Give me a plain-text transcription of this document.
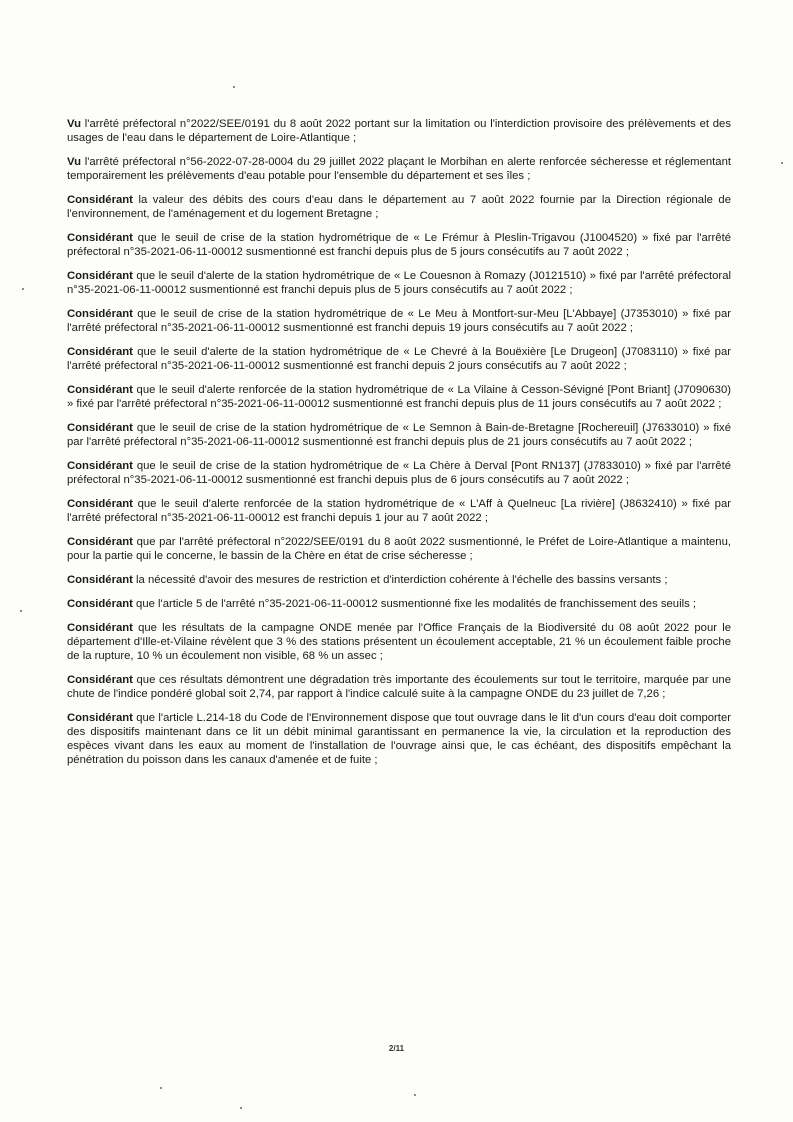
Vu l'arrêté préfectoral n°2022/SEE/0191 du 8 août 2022 portant sur la limitation ou l'interdiction provisoire des prélèvements et des usages de l'eau dans le département de Loire-Atlantique ;

Vu l'arrêté préfectoral n°56-2022-07-28-0004 du 29 juillet 2022 plaçant le Morbihan en alerte renforcée sécheresse et réglementant temporairement les prélèvements d'eau potable pour l'ensemble du département et ses îles ;

Considérant la valeur des débits des cours d'eau dans le département au 7 août 2022 fournie par la Direction régionale de l'environnement, de l'aménagement et du logement Bretagne ;

Considérant que le seuil de crise de la station hydrométrique de « Le Frémur à Pleslin-Trigavou (J1004520) » fixé par l'arrêté préfectoral n°35-2021-06-11-00012 susmentionné est franchi depuis plus de 5 jours consécutifs au 7 août 2022 ;

Considérant que le seuil d'alerte de la station hydrométrique de « Le Couesnon à Romazy (J0121510) » fixé par l'arrêté préfectoral n°35-2021-06-11-00012 susmentionné est franchi depuis plus de 5 jours consécutifs au 7 août 2022 ;

Considérant que le seuil de crise de la station hydrométrique de « Le Meu à Montfort-sur-Meu [L'Abbaye] (J7353010) » fixé par l'arrêté préfectoral n°35-2021-06-11-00012 susmentionné est franchi depuis 19 jours consécutifs au 7 août 2022 ;

Considérant que le seuil d'alerte de la station hydrométrique de « Le Chevré à la Bouëxière [Le Drugeon] (J7083110) » fixé par l'arrêté préfectoral n°35-2021-06-11-00012 susmentionné est franchi depuis 2 jours consécutifs au 7 août 2022 ;

Considérant que le seuil d'alerte renforcée de la station hydrométrique de « La Vilaine à Cesson-Sévigné [Pont Briant] (J7090630) » fixé par l'arrêté préfectoral n°35-2021-06-11-00012 susmentionné est franchi depuis plus de 11 jours consécutifs au 7 août 2022 ;

Considérant que le seuil de crise de la station hydrométrique de « Le Semnon à Bain-de-Bretagne [Rochereuil] (J7633010) » fixé par l'arrêté préfectoral n°35-2021-06-11-00012 susmentionné est franchi depuis plus de 21 jours consécutifs au 7 août 2022 ;

Considérant que le seuil de crise de la station hydrométrique de « La Chère à Derval [Pont RN137] (J7833010) » fixé par l'arrêté préfectoral n°35-2021-06-11-00012 susmentionné est franchi depuis plus de 6 jours consécutifs au 7 août 2022 ;

Considérant que le seuil d'alerte renforcée de la station hydrométrique de « L'Aff à Quelneuc [La rivière] (J8632410) » fixé par l'arrêté préfectoral n°35-2021-06-11-00012 est franchi depuis 1 jour au 7 août 2022 ;

Considérant que par l'arrêté préfectoral n°2022/SEE/0191 du 8 août 2022 susmentionné, le Préfet de Loire-Atlantique a maintenu, pour la partie qui le concerne, le bassin de la Chère en état de crise sécheresse ;

Considérant la nécessité d'avoir des mesures de restriction et d'interdiction cohérente à l'échelle des bassins versants ;

Considérant que l'article 5 de l'arrêté n°35-2021-06-11-00012 susmentionné fixe les modalités de franchissement des seuils ;

Considérant que les résultats de la campagne ONDE menée par l'Office Français de la Biodiversité du 08 août 2022 pour le département d'Ille-et-Vilaine révèlent que 3 % des stations présentent un écoulement acceptable, 21 % un écoulement faible proche de la rupture, 10 % un écoulement non visible, 68 % un assec ;

Considérant que ces résultats démontrent une dégradation très importante des écoulements sur tout le territoire, marquée par une chute de l'indice pondéré global soit 2,74, par rapport à l'indice calculé suite à la campagne ONDE du 23 juillet de 7,26 ;

Considérant que l'article L.214-18 du Code de l'Environnement dispose que tout ouvrage dans le lit d'un cours d'eau doit comporter des dispositifs maintenant dans ce lit un débit minimal garantissant en permanence la vie, la circulation et la reproduction des espèces vivant dans les eaux au moment de l'installation de l'ouvrage ainsi que, le cas échéant, des dispositifs empêchant la pénétration du poisson dans les canaux d'amenée et de fuite ;

2/11
